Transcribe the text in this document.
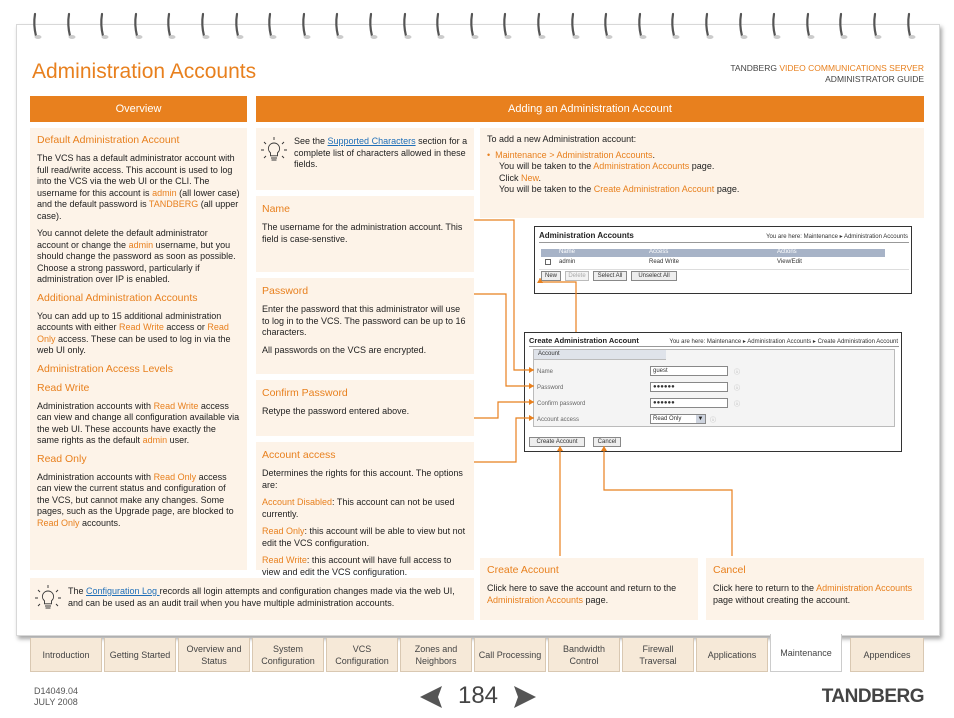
Administration Accounts	TANDBERG VIDEO COMMUNICATIONS SERVER
ADMINISTRATOR GUIDE
Overview	Adding an Administration Account
Default Administration Account

The VCS has a default administrator account with full read/write access. This account is used to log into the VCS via the web UI or the CLI. The username for this account is admin (all lower case) and the default password is TANDBERG (all upper case).

You cannot delete the default administrator account or change the admin username, but you should change the password as soon as possible. Choose a strong password, particularly if administration over IP is enabled.

Additional Administration Accounts

You can add up to 15 additional administration accounts with either Read Write access or Read Only access. These can be used to log in via the web UI only.

Administration Access Levels
Read Write

Administration accounts with Read Write access can view and change all configuration available via the web UI. These accounts have exactly the same rights as the default admin user.

Read Only

Administration accounts with Read Only access can view the current status and configuration of the VCS, but cannot make any changes. Some pages, such as the Upgrade page, are blocked to Read Only accounts.

The Configuration Log records all login attempts and configuration changes made via the web UI, and can be used as an audit trail when you have multiple administration accounts.
See the Supported Characters section for a complete list of characters allowed in these fields.
Name

The username for the administration account. This field is case-senstive.

Password

Enter the password that this administrator will use to log in to the VCS. The password can be up to 16 characters.

All passwords on the VCS are encrypted.

Confirm Password

Retype the password entered above.

Account access

Determines the rights for this account. The options are:

Account Disabled: This account can not be used currently.

Read Only: this account will be able to view but not edit the VCS configuration.

Read Write: this account will have full access to view and edit the VCS configuration.

To add a new Administration account:
•  Maintenance > Administration Accounts.
You will be taken to the Administration Accounts page.
Click New.
You will be taken to the Create Administration Account page.
Administration Accounts	You are here: Maintenance ▸ Administration Accounts
Name	Access	Actions
admin	Read Write	View/Edit
New	Delete	Select All	Unselect All
Create Administration Account	You are here: Maintenance ▸ Administration Accounts ▸ Create Administration Account
Account
Name	guest	ⓘ
Password	●●●●●●	ⓘ
Confirm password	●●●●●●	ⓘ
Account access	Read Only	▼ ⓘ
Create Account	Cancel
Create Account

Click here to save the account and return to the Administration Accounts page.

Cancel

Click here to return to the Administration Accounts page without creating the account.

Introduction	Getting Started
Overview and Status
System Configuration
VCS Configuration
Zones and Neighbors
Call Processing
Bandwidth Control
Firewall Traversal
Applications	Maintenance	Appendices
D14049.04
JULY 2008	184	TANDBERG
